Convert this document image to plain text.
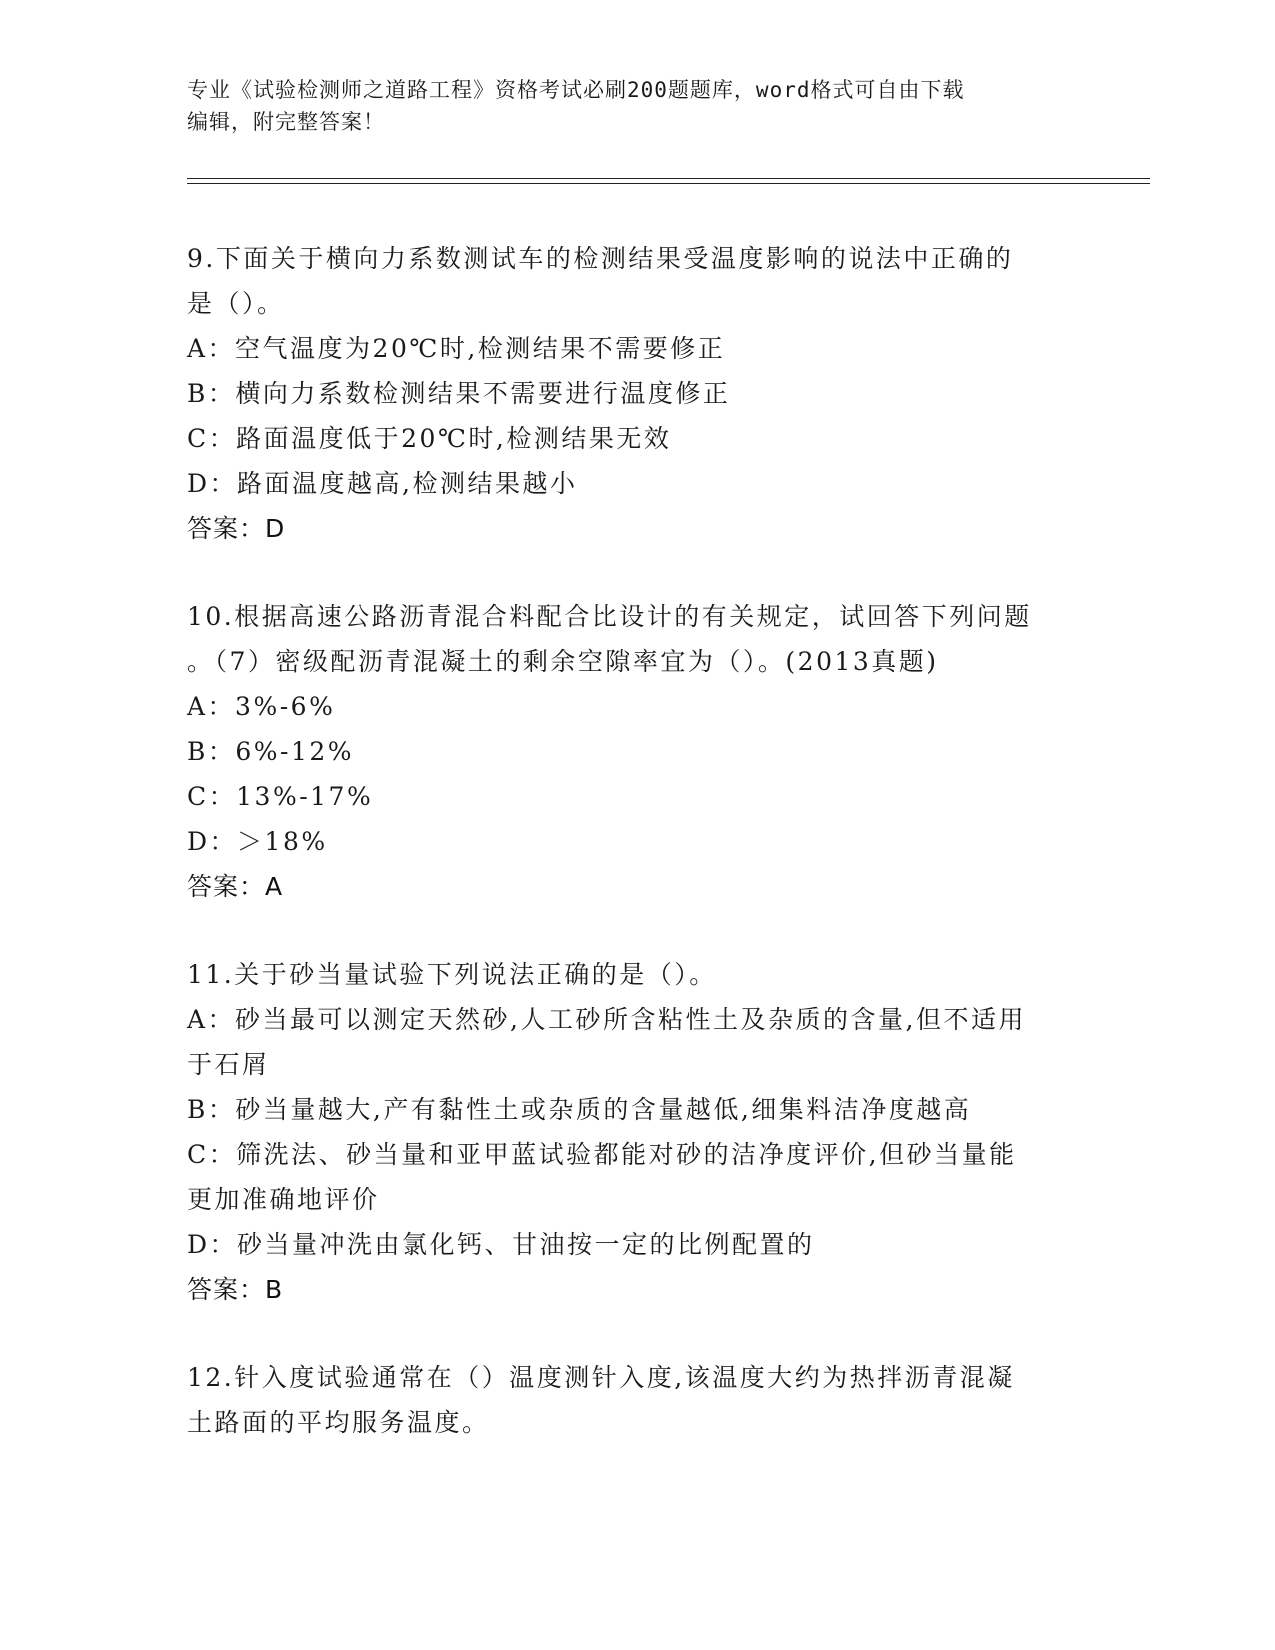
专业《试验检测师之道路工程》资格考试必刷200题题库，word格式可自由下载
编辑，附完整答案！
9.下面关于横向力系数测试车的检测结果受温度影响的说法中正确的
是（）。
A：空气温度为20℃时,检测结果不需要修正
B：横向力系数检测结果不需要进行温度修正
C：路面温度低于20℃时,检测结果无效
D：路面温度越高,检测结果越小
答案：D
10.根据高速公路沥青混合料配合比设计的有关规定，试回答下列问题
。（7）密级配沥青混凝土的剩余空隙率宜为（）。(2013真题)
A：3%-6%
B：6%-12%
C：13%-17%
D：＞18%
答案：A
11.关于砂当量试验下列说法正确的是（）。
A：砂当最可以测定天然砂,人工砂所含粘性土及杂质的含量,但不适用
于石屑
B：砂当量越大,产有黏性土或杂质的含量越低,细集料洁净度越高
C：筛洗法、砂当量和亚甲蓝试验都能对砂的洁净度评价,但砂当量能
更加准确地评价
D：砂当量冲洗由氯化钙、甘油按一定的比例配置的
答案：B
12.针入度试验通常在（）温度测针入度,该温度大约为热拌沥青混凝
土路面的平均服务温度。
